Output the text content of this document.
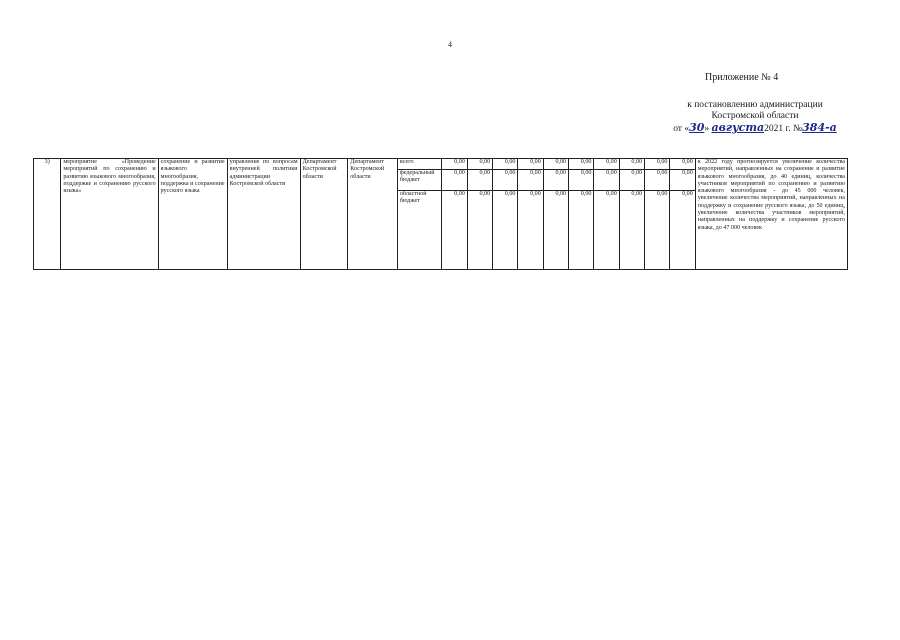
4
Приложение № 4
к постановлению администрации
Костромской области
от «30» августа2021 г. №384-а
3)	мероприятие «Проведение мероприятий по сохранению и развитию языкового многообразия, поддержке и сохранению русского языка»	сохранение и развитие языкового многообразия, поддержка и сохранение русского языка	управление по вопросам внутренней политики администрации Костромской области	Департамент Костромской области	Департамент Костромской области	всего	0,00	0,00	0,00	0,00	0,00	0,00	0,00	0,00	0,00	0,00	к 2022 году прогнозируется увеличение количества мероприятий, направленных на сохранение и развитие языкового многообразия, до 40 единиц, количества участников мероприятий по сохранению и развитию языкового многообразия - до 45 000 человек, увеличение количества мероприятий, направленных на поддержку и сохранение русского языка, до 50 единиц, увеличение количества участников мероприятий, направленных на поддержку и сохранение русского языка, до 47 000 человек
						федеральный бюджет	0,00	0,00	0,00	0,00	0,00	0,00	0,00	0,00	0,00	0,00	
						областной бюджет	0,00	0,00	0,00	0,00	0,00	0,00	0,00	0,00	0,00	0,00	
